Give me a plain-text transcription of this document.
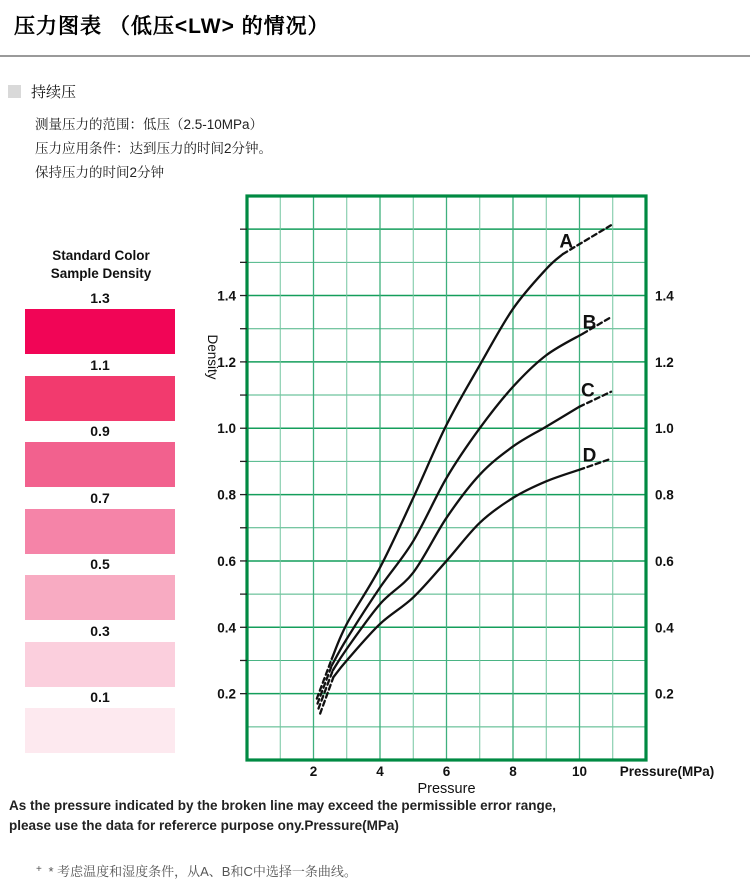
压力图表 （低压<LW> 的情况）
持续压
测量压力的范围：低压（2.5-10MPa）
压力应用条件：达到压力的时间2分钟。
保持压力的时间2分钟
Standard Color
Sample Density
1.3
1.1
0.9
0.7
0.5
0.3
0.1	0.2	0.2
0.4	0.4
0.6	0.6
0.8	0.8
1.0	1.0
1.2	1.2
1.4	1.4
2	4	6	8	10 Pressure(MPa)
Pressure
Density
A
B
C
D
As the pressure indicated by the broken line may exceed the permissible error range,
please use the data for refererce purpose ony.Pressure(MPa)
+ * 考虑温度和湿度条件，从A、B和C中选择一条曲线。
